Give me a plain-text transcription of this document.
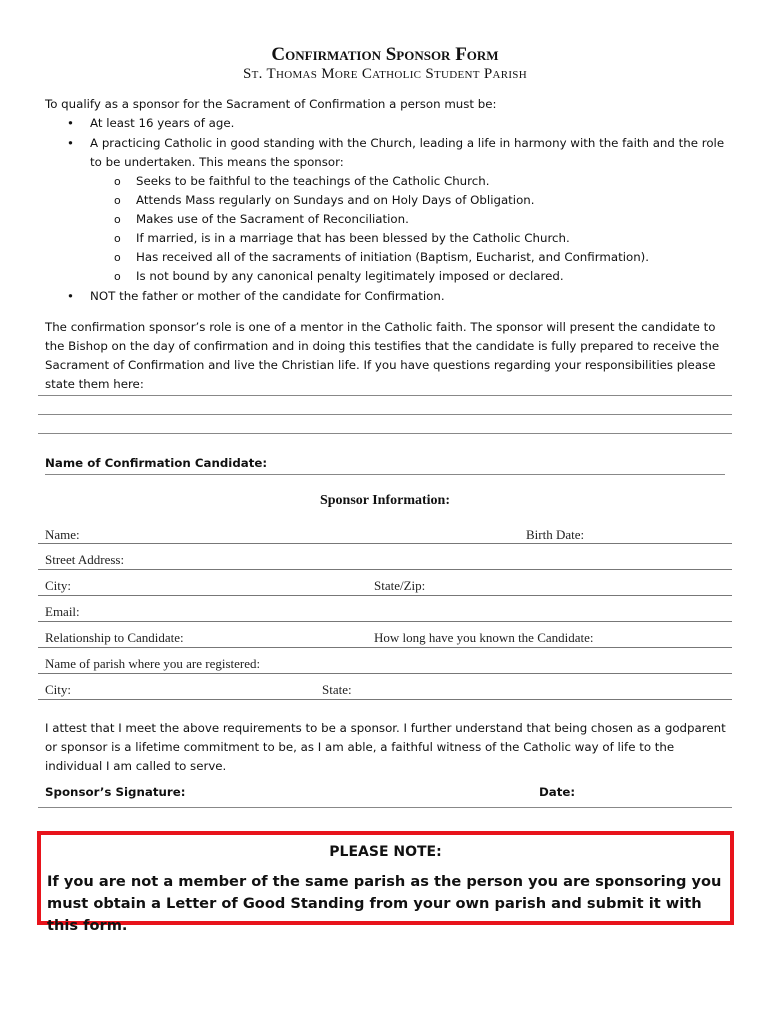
Confirmation Sponsor Form
St. Thomas More Catholic Student Parish
To qualify as a sponsor for the Sacrament of Confirmation a person must be:
• At least 16 years of age.
• A practicing Catholic in good standing with the Church, leading a life in harmony with the faith and the role to be undertaken. This means the sponsor:
o Seeks to be faithful to the teachings of the Catholic Church.
o Attends Mass regularly on Sundays and on Holy Days of Obligation.
o Makes use of the Sacrament of Reconciliation.
o If married, is in a marriage that has been blessed by the Catholic Church.
o Has received all of the sacraments of initiation (Baptism, Eucharist, and Confirmation).
o Is not bound by any canonical penalty legitimately imposed or declared.
• NOT the father or mother of the candidate for Confirmation.
The confirmation sponsor’s role is one of a mentor in the Catholic faith. The sponsor will present the candidate to the Bishop on the day of confirmation and in doing this testifies that the candidate is fully prepared to receive the Sacrament of Confirmation and live the Christian life. If you have questions regarding your responsibilities please state them here:
Name of Confirmation Candidate:
Sponsor Information:
Name:	Birth Date:
Street Address:
City:	State/Zip:
Email:
Relationship to Candidate:	How long have you known the Candidate:
Name of parish where you are registered:
City:	State:
I attest that I meet the above requirements to be a sponsor. I further understand that being chosen as a godparent or sponsor is a lifetime commitment to be, as I am able, a faithful witness of the Catholic way of life to the individual I am called to serve.
Sponsor’s Signature:	Date:
PLEASE NOTE:
If you are not a member of the same parish as the person you are sponsoring you must obtain a Letter of Good Standing from your own parish and submit it with this form.
